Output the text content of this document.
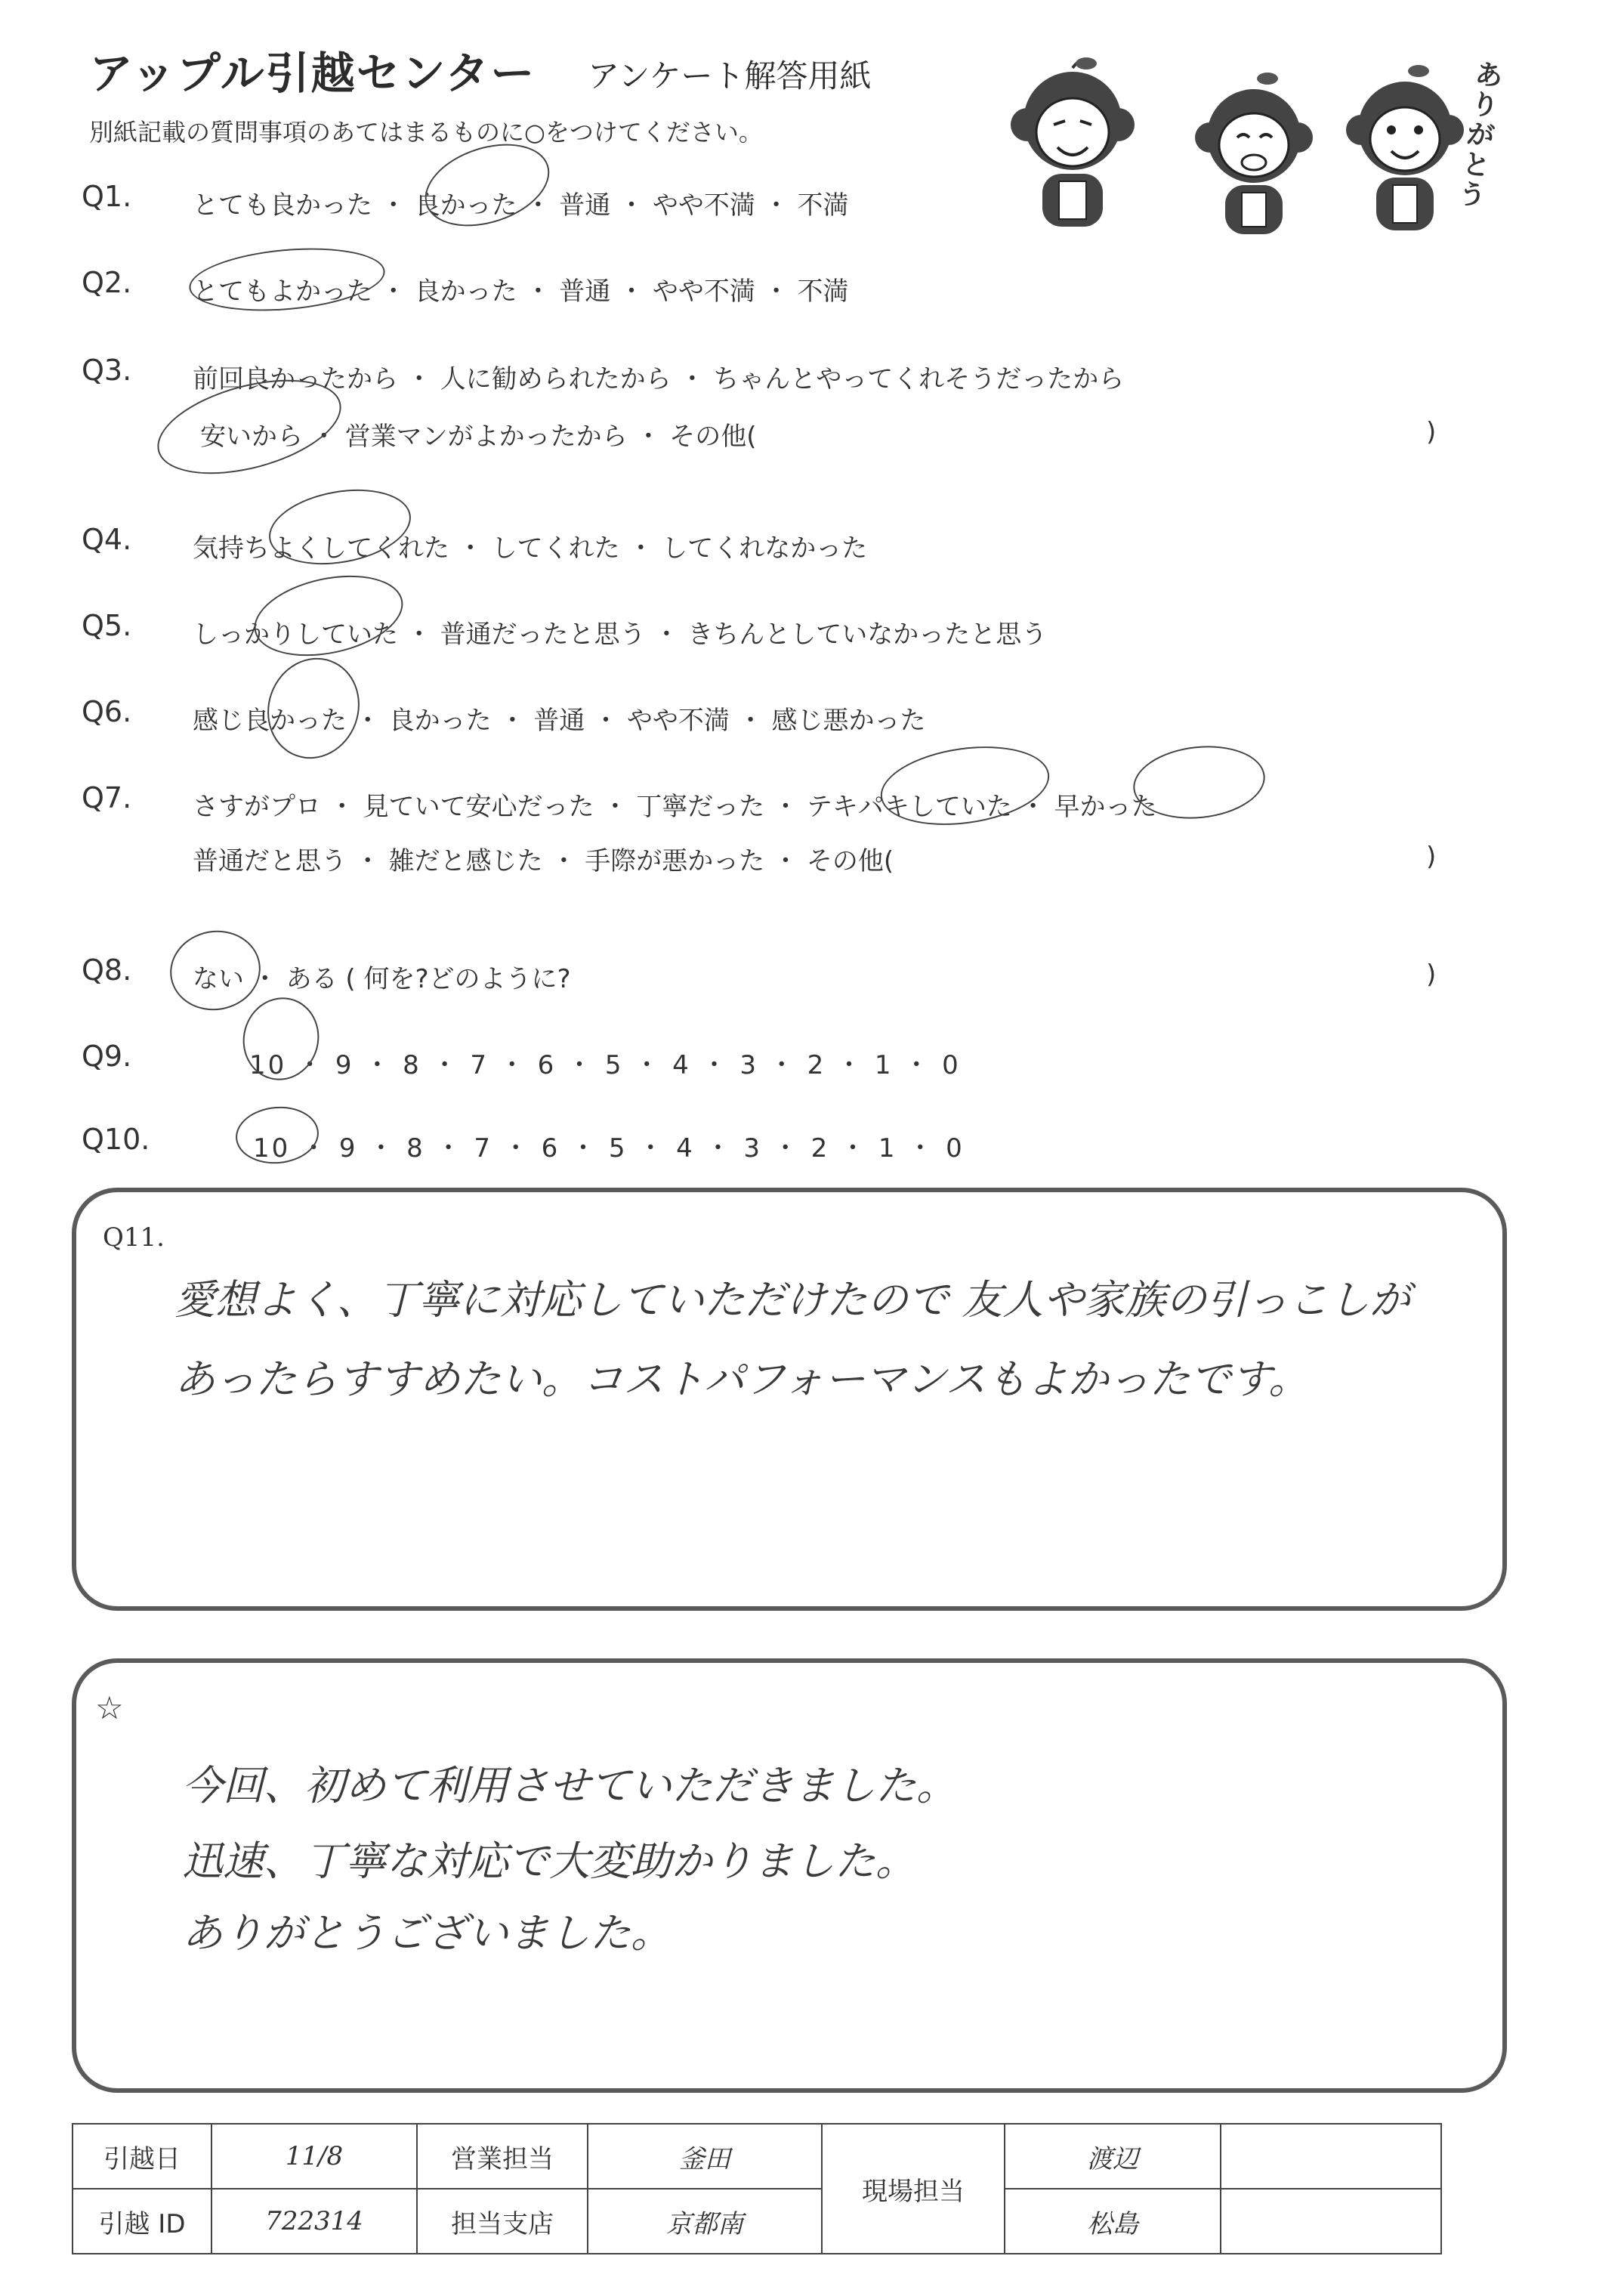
アップル引越センター アンケート解答用紙
別紙記載の質問事項のあてはまるものに○をつけてください。
ありがとう
Q1. とても良かった ・ 良かった ・ 普通 ・ やや不満 ・ 不満
Q2. とてもよかった ・ 良かった ・ 普通 ・ やや不満 ・ 不満
Q3. 前回良かったから ・ 人に勧められたから ・ ちゃんとやってくれそうだったから
安いから ・ 営業マンがよかったから ・ その他(	)
Q4. 気持ちよくしてくれた ・ してくれた ・ してくれなかった
Q5. しっかりしていた ・ 普通だったと思う ・ きちんとしていなかったと思う
Q6. 感じ良かった ・ 良かった ・ 普通 ・ やや不満 ・ 感じ悪かった
Q7. さすがプロ ・ 見ていて安心だった ・ 丁寧だった ・ テキパキしていた ・ 早かった
普通だと思う ・ 雑だと感じた ・ 手際が悪かった ・ その他(	)
Q8. ない ・ ある ( 何を?どのように?	)
Q9.	10 ・ 9 ・ 8 ・ 7 ・ 6 ・ 5 ・ 4 ・ 3 ・ 2 ・ 1 ・ 0
Q10.	10 ・ 9 ・ 8 ・ 7 ・ 6 ・ 5 ・ 4 ・ 3 ・ 2 ・ 1 ・ 0
Q11.
愛想よく、丁寧に対応していただけたので 友人や家族の引っこしが
あったらすすめたい。コストパフォーマンスもよかったです。
☆
今回、初めて利用させていただきました。
迅速、丁寧な対応で大変助かりました。
ありがとうございました。
引越日	11/8	営業担当	釜田	現場担当	渡辺	
引越 ID	722314	担当支店	京都南		松島	
